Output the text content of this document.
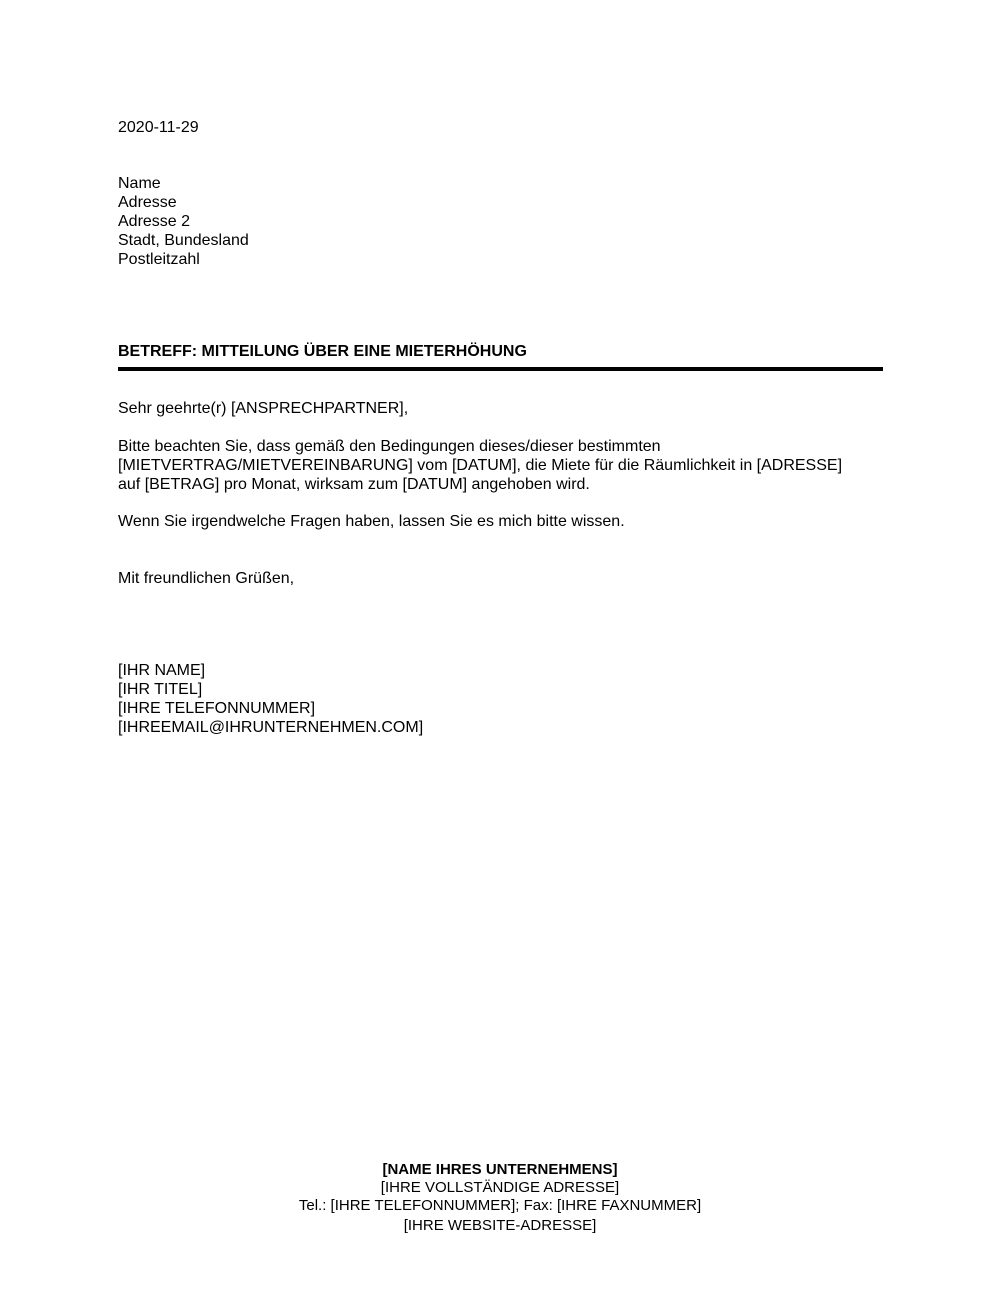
2020-11-29
Name
Adresse
Adresse 2
Stadt, Bundesland
Postleitzahl
BETREFF: MITTEILUNG ÜBER EINE MIETERHÖHUNG
Sehr geehrte(r) [ANSPRECHPARTNER],
Bitte beachten Sie, dass gemäß den Bedingungen dieses/dieser bestimmten
[MIETVERTRAG/MIETVEREINBARUNG] vom [DATUM], die Miete für die Räumlichkeit in [ADRESSE]
auf [BETRAG] pro Monat, wirksam zum [DATUM] angehoben wird.
Wenn Sie irgendwelche Fragen haben, lassen Sie es mich bitte wissen.
Mit freundlichen Grüßen,
[IHR NAME]
[IHR TITEL]
[IHRE TELEFONNUMMER]
[IHREEMAIL@IHRUNTERNEHMEN.COM]
[NAME IHRES UNTERNEHMENS]
[IHRE VOLLSTÄNDIGE ADRESSE]
Tel.: [IHRE TELEFONNUMMER]; Fax: [IHRE FAXNUMMER]
[IHRE WEBSITE-ADRESSE]
